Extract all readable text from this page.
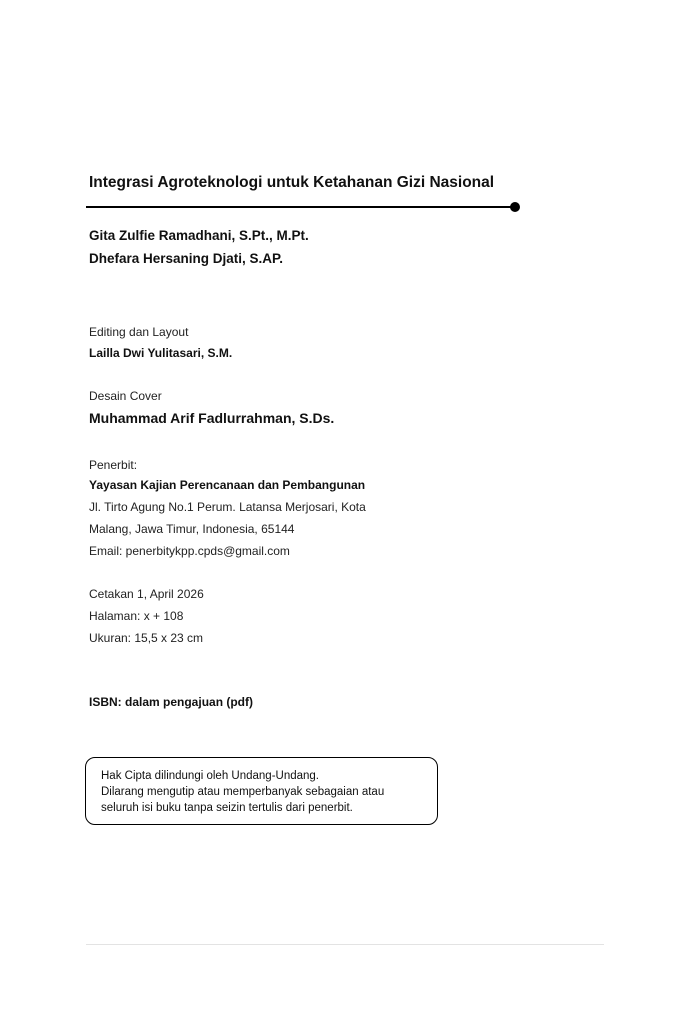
Integrasi Agroteknologi untuk Ketahanan Gizi Nasional
Gita Zulfie Ramadhani, S.Pt., M.Pt.
Dhefara Hersaning Djati, S.AP.
Editing dan Layout
Lailla Dwi Yulitasari, S.M.
Desain Cover
Muhammad Arif Fadlurrahman, S.Ds.
Penerbit:
Yayasan Kajian Perencanaan dan Pembangunan
Jl. Tirto Agung No.1 Perum. Latansa Merjosari, Kota
Malang, Jawa Timur, Indonesia, 65144
Email: penerbitykpp.cpds@gmail.com
Cetakan 1, April 2026
Halaman: x + 108
Ukuran: 15,5 x 23 cm
ISBN: dalam pengajuan (pdf)
Hak Cipta dilindungi oleh Undang-Undang.
Dilarang mengutip atau memperbanyak sebagaian atau
seluruh isi buku tanpa seizin tertulis dari penerbit.
